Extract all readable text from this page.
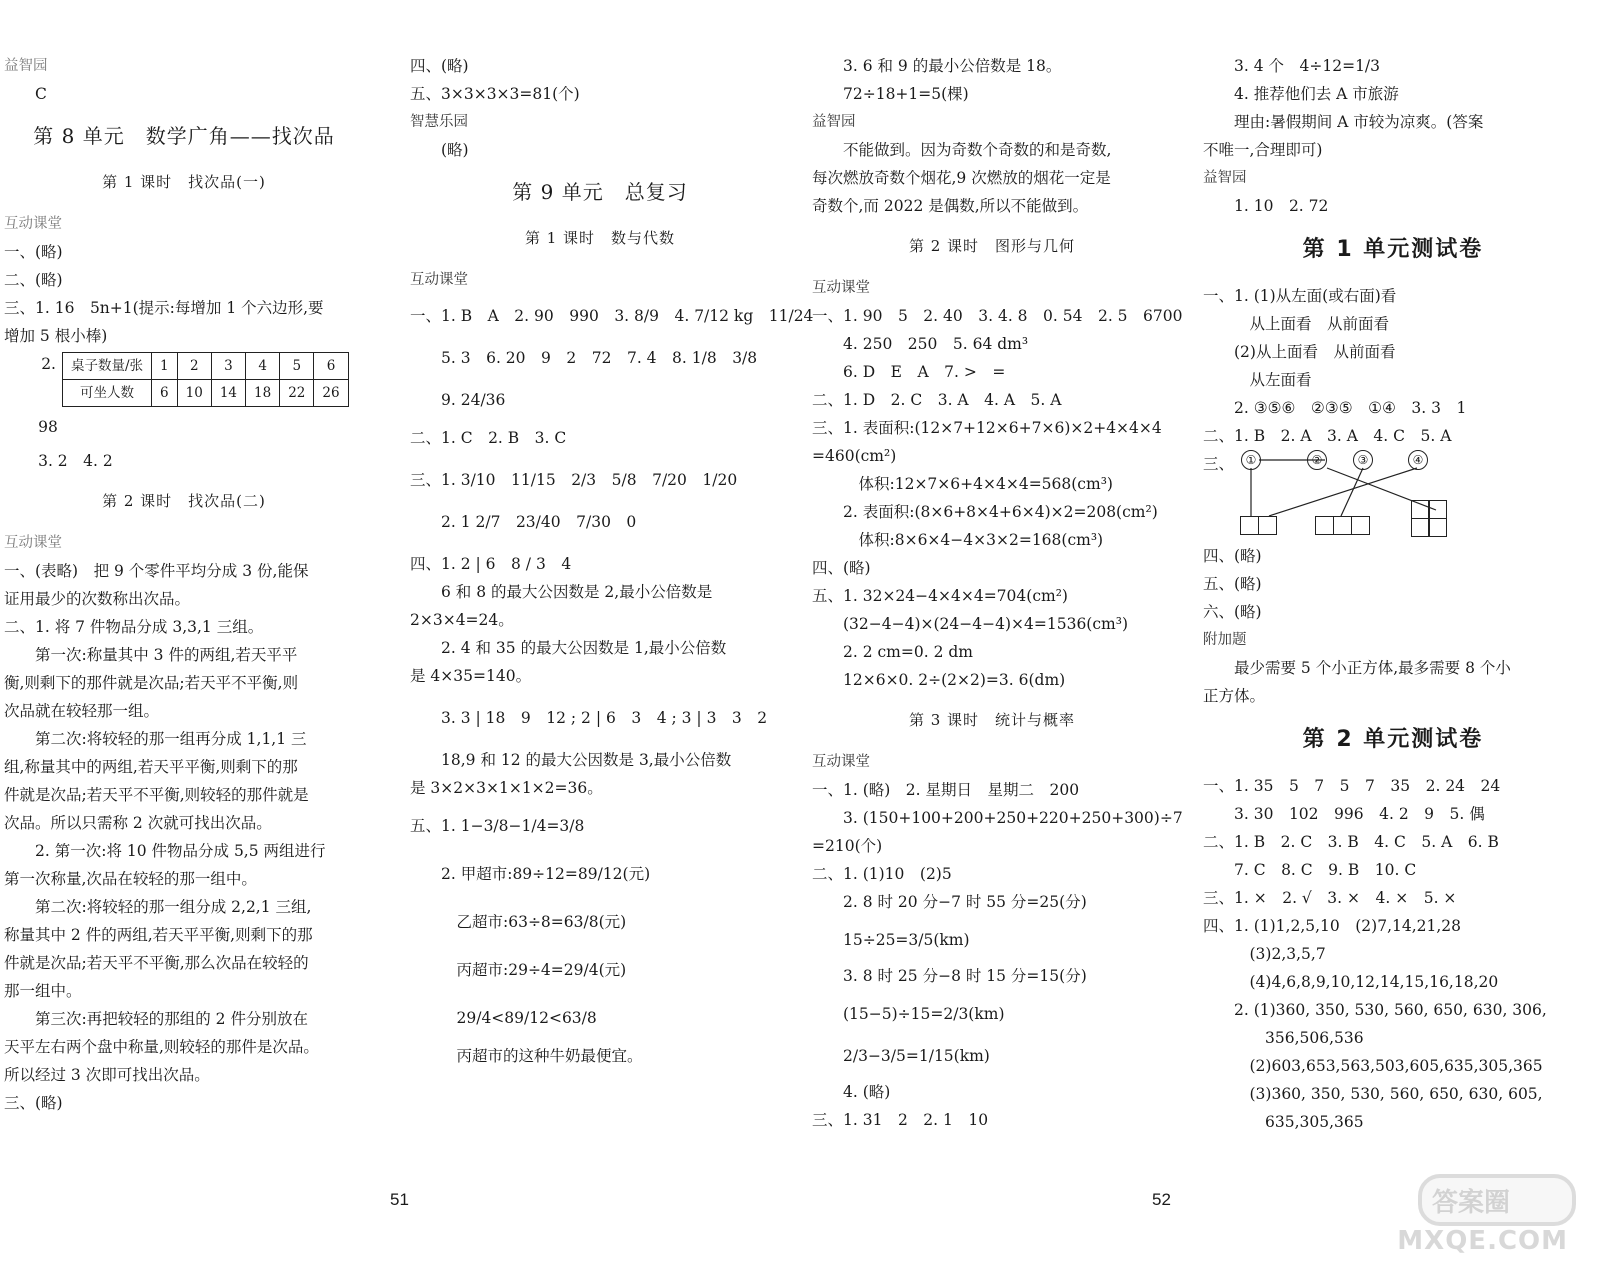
益智园
C
第 8 单元　数学广角——找次品
第 1 课时　找次品(一)
互动课堂
一、(略)
二、(略)
三、1. 16　5n+1(提示:每增加 1 个六边形,要
增加 5 根小棒)
2. 桌子数量/张	1	2	3	4	5	6
可坐人数	6	10	14	18	22	26
98
3. 2　4. 2
第 2 课时　找次品(二)
互动课堂
一、(表略)　把 9 个零件平均分成 3 份,能保
证用最少的次数称出次品。
二、1. 将 7 件物品分成 3,3,1 三组。
第一次:称量其中 3 件的两组,若天平平
衡,则剩下的那件就是次品;若天平不平衡,则
次品就在较轻那一组。
第二次:将较轻的那一组再分成 1,1,1 三
组,称量其中的两组,若天平平衡,则剩下的那
件就是次品;若天平不平衡,则较轻的那件就是
次品。所以只需称 2 次就可找出次品。
2. 第一次:将 10 件物品分成 5,5 两组进行
第一次称量,次品在较轻的那一组中。
第二次:将较轻的那一组分成 2,2,1 三组,
称量其中 2 件的两组,若天平平衡,则剩下的那
件就是次品;若天平不平衡,那么次品在较轻的
那一组中。
第三次:再把较轻的那组的 2 件分别放在
天平左右两个盘中称量,则较轻的那件是次品。
所以经过 3 次即可找出次品。
三、(略)
四、(略)
五、3×3×3×3=81(个)
智慧乐园
(略)
第 9 单元　总复习
第 1 课时　数与代数
互动课堂
一、1. B　A　2. 90　990　3. 8/9　4. 7/12 kg　11/24
5. 3　6. 20　9　2　72　7. 4　8. 1/8　3/8
9. 24/36
二、1. C　2. B　3. C
三、1. 3/10　11/15　2/3　5/8　7/20　1/20
2. 1 2/7　23/40　7/30　0
四、1. 2 | 6　8 / 3　4
6 和 8 的最大公因数是 2,最小公倍数是
2×3×4=24。
2. 4 和 35 的最大公因数是 1,最小公倍数
是 4×35=140。
3. 3 | 18　9　12 ; 2 | 6　3　4 ; 3 | 3　3　2
18,9 和 12 的最大公因数是 3,最小公倍数
是 3×2×3×1×1×2=36。
五、1. 1−3/8−1/4=3/8
2. 甲超市:89÷12=89/12(元)
乙超市:63÷8=63/8(元)
丙超市:29÷4=29/4(元)
29/4<89/12<63/8
丙超市的这种牛奶最便宜。
3. 6 和 9 的最小公倍数是 18。
72÷18+1=5(棵)
益智园
不能做到。因为奇数个奇数的和是奇数,
每次燃放奇数个烟花,9 次燃放的烟花一定是
奇数个,而 2022 是偶数,所以不能做到。
第 2 课时　图形与几何
互动课堂
一、1. 90　5　2. 40　3. 4. 8　0. 54　2. 5　6700
4. 250　250　5. 64 dm³
6. D　E　A　7. >　=
二、1. D　2. C　3. A　4. A　5. A
三、1. 表面积:(12×7+12×6+7×6)×2+4×4×4
=460(cm²)
体积:12×7×6+4×4×4=568(cm³)
2. 表面积:(8×6+8×4+6×4)×2=208(cm²)
体积:8×6×4−4×3×2=168(cm³)
四、(略)
五、1. 32×24−4×4×4=704(cm²)
(32−4−4)×(24−4−4)×4=1536(cm³)
2. 2 cm=0. 2 dm
12×6×0. 2÷(2×2)=3. 6(dm)
第 3 课时　统计与概率
互动课堂
一、1. (略)　2. 星期日　星期二　200
3. (150+100+200+250+220+250+300)÷7
=210(个)
二、1. (1)10　(2)5
2. 8 时 20 分−7 时 55 分=25(分)
15÷25=3/5(km)
3. 8 时 25 分−8 时 15 分=15(分)
(15−5)÷15=2/3(km)
2/3−3/5=1/15(km)
4. (略)
三、1. 31　2　2. 1　10
3. 4 个　4÷12=1/3
4. 推荐他们去 A 市旅游
理由:暑假期间 A 市较为凉爽。(答案
不唯一,合理即可)
益智园
1. 10　2. 72
第 1 单元测试卷
一、1. (1)从左面(或右面)看
从上面看　从前面看
(2)从上面看　从前面看
从左面看
2. ③⑤⑥　②③⑤　①④　3. 3　1
二、1. B　2. A　3. A　4. C　5. A
三、 ①	②	③	④
四、(略)
五、(略)
六、(略)
附加题
最少需要 5 个小正方体,最多需要 8 个小
正方体。
第 2 单元测试卷
一、1. 35　5　7　5　7　35　2. 24　24
3. 30　102　996　4. 2　9　5. 偶
二、1. B　2. C　3. B　4. C　5. A　6. B
7. C　8. C　9. B　10. C
三、1. ×　2. √　3. ×　4. ×　5. ×
四、1. (1)1,2,5,10　(2)7,14,21,28
(3)2,3,5,7
(4)4,6,8,9,10,12,14,15,16,18,20
2. (1)360, 350, 530, 560, 650, 630, 306,
356,506,536
(2)603,653,563,503,605,635,305,365
(3)360, 350, 530, 560, 650, 630, 605,
635,305,365
51	52	答案圈
MXQE.COM
